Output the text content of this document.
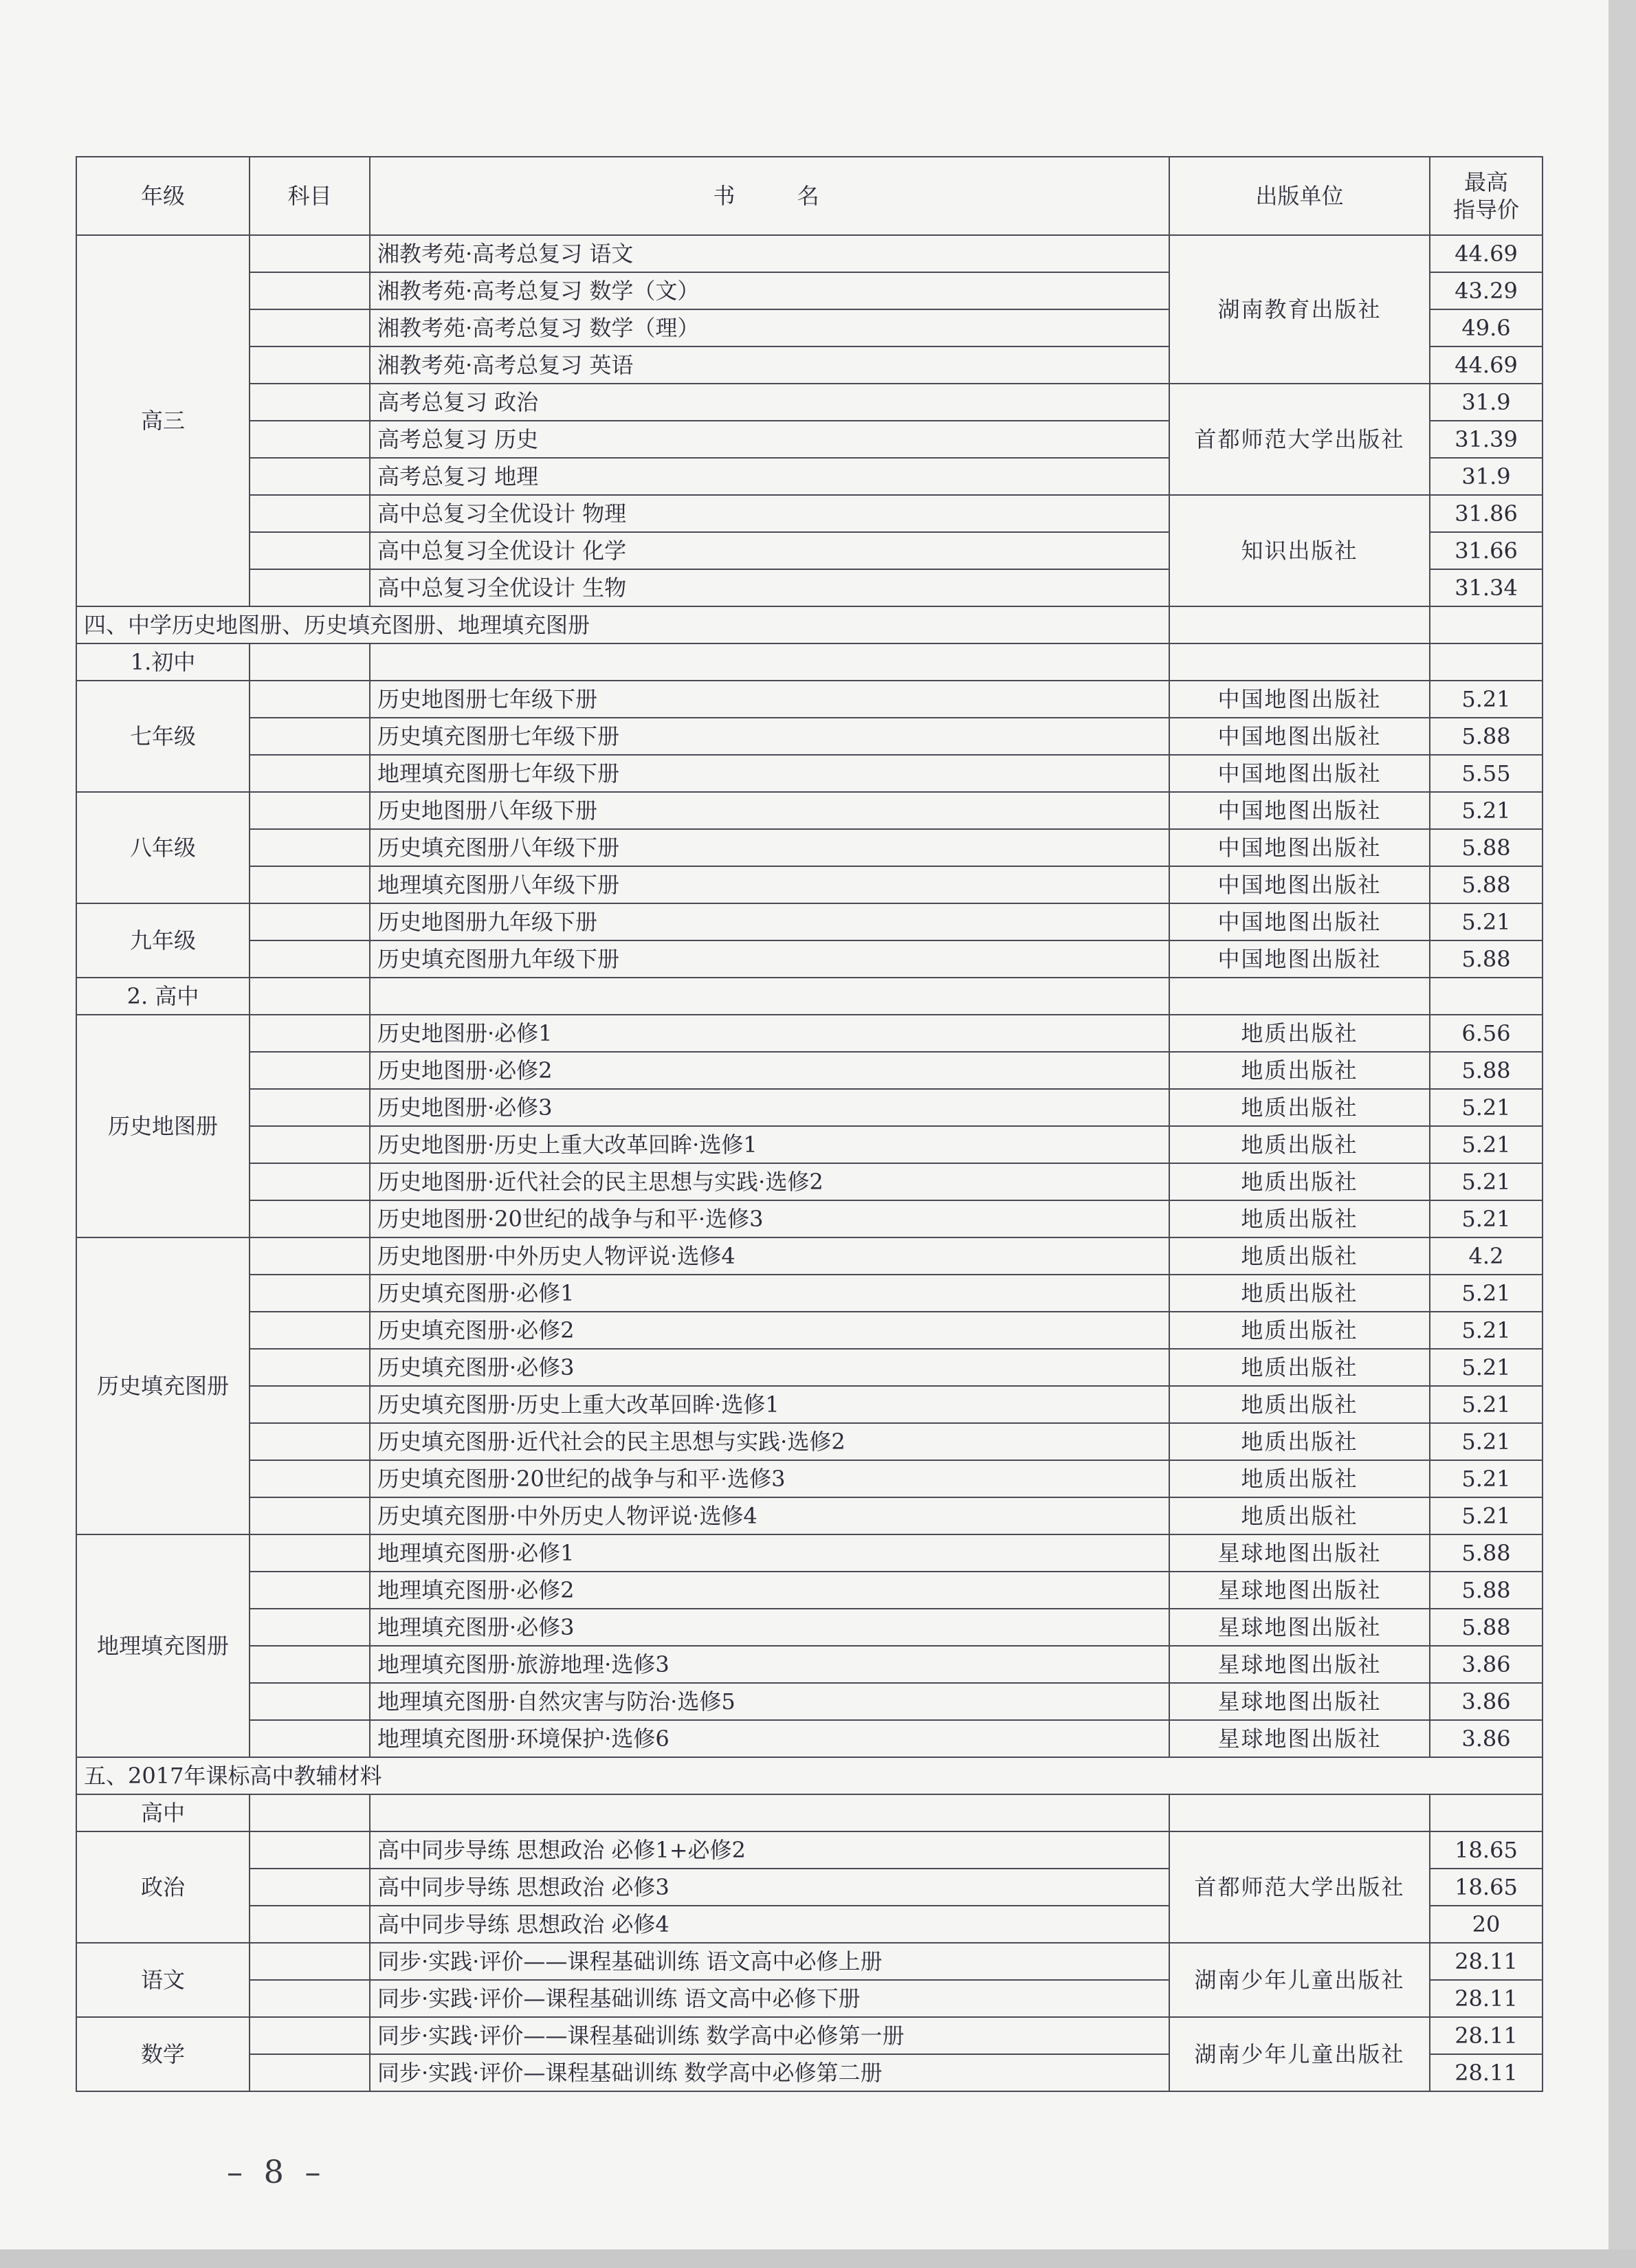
年级	科目	书 名	出版单位	最高
指导价

高三		湘教考苑·高考总复习 语文	湖南教育出版社	44.69
		湘教考苑·高考总复习 数学（文）		43.29
		湘教考苑·高考总复习 数学（理）		49.6
		湘教考苑·高考总复习 英语		44.69
		高考总复习 政治	首都师范大学出版社	31.9
		高考总复习 历史		31.39
		高考总复习 地理		31.9
		高中总复习全优设计 物理	知识出版社	31.86
		高中总复习全优设计 化学		31.66
		高中总复习全优设计 生物		31.34
四、中学历史地图册、历史填充图册、地理填充图册				
1.初中				
七年级		历史地图册七年级下册	中国地图出版社	5.21
		历史填充图册七年级下册	中国地图出版社	5.88
		地理填充图册七年级下册	中国地图出版社	5.55
八年级		历史地图册八年级下册	中国地图出版社	5.21
		历史填充图册八年级下册	中国地图出版社	5.88
		地理填充图册八年级下册	中国地图出版社	5.88
九年级		历史地图册九年级下册	中国地图出版社	5.21
		历史填充图册九年级下册	中国地图出版社	5.88
2. 高中				
历史地图册		历史地图册·必修1	地质出版社	6.56
		历史地图册·必修2	地质出版社	5.88
		历史地图册·必修3	地质出版社	5.21
		历史地图册·历史上重大改革回眸·选修1	地质出版社	5.21
		历史地图册·近代社会的民主思想与实践·选修2	地质出版社	5.21
		历史地图册·20世纪的战争与和平·选修3	地质出版社	5.21
历史填充图册		历史地图册·中外历史人物评说·选修4	地质出版社	4.2
		历史填充图册·必修1	地质出版社	5.21
		历史填充图册·必修2	地质出版社	5.21
		历史填充图册·必修3	地质出版社	5.21
		历史填充图册·历史上重大改革回眸·选修1	地质出版社	5.21
		历史填充图册·近代社会的民主思想与实践·选修2	地质出版社	5.21
		历史填充图册·20世纪的战争与和平·选修3	地质出版社	5.21
		历史填充图册·中外历史人物评说·选修4	地质出版社	5.21
地理填充图册		地理填充图册·必修1	星球地图出版社	5.88
		地理填充图册·必修2	星球地图出版社	5.88
		地理填充图册·必修3	星球地图出版社	5.88
		地理填充图册·旅游地理·选修3	星球地图出版社	3.86
		地理填充图册·自然灾害与防治·选修5	星球地图出版社	3.86
		地理填充图册·环境保护·选修6	星球地图出版社	3.86
五、2017年课标高中教辅材料				
高中				
政治		高中同步导练 思想政治 必修1+必修2	首都师范大学出版社	18.65
		高中同步导练 思想政治 必修3		18.65
		高中同步导练 思想政治 必修4		20
语文		同步·实践·评价——课程基础训练 语文高中必修上册	湖南少年儿童出版社	28.11
		同步·实践·评价—课程基础训练 语文高中必修下册		28.11
数学		同步·实践·评价——课程基础训练 数学高中必修第一册	湖南少年儿童出版社	28.11
		同步·实践·评价—课程基础训练 数学高中必修第二册		28.11
– 8 –
